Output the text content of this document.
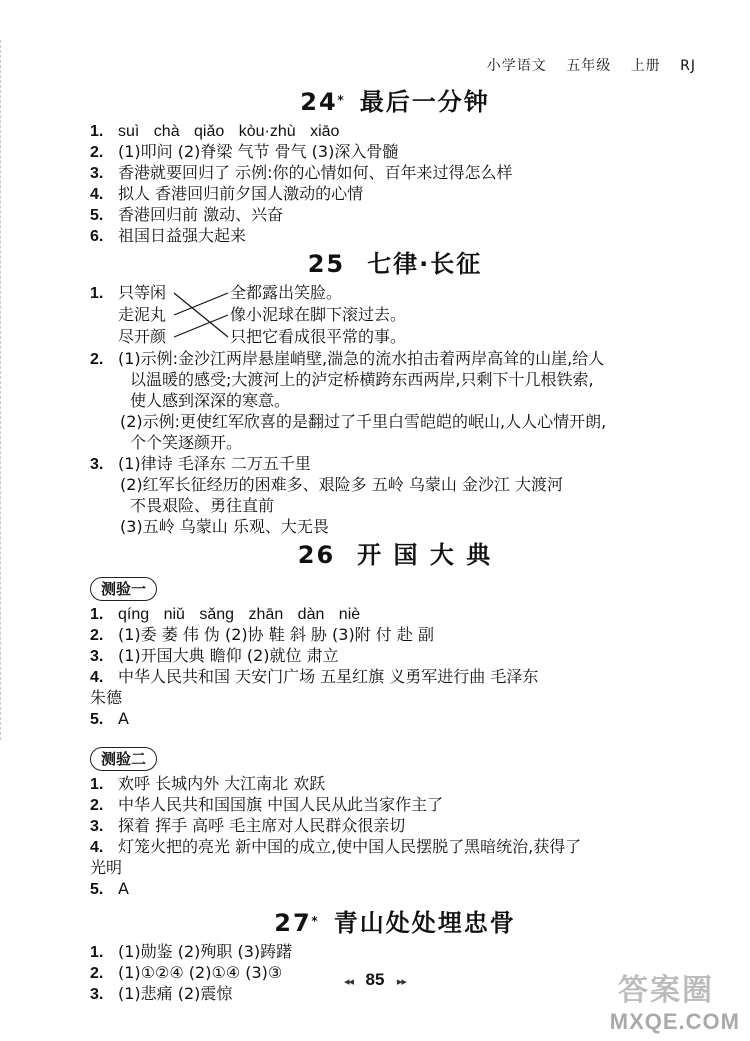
小学语文 五年级 上册 RJ
24 * 最后一分钟
1. suì chà qiǎo kòu·zhù xiāo
2. (1)叩问 (2)脊梁 气节 骨气 (3)深入骨髓
3. 香港就要回归了 示例:你的心情如何、百年来过得怎么样
4. 拟人 香港回归前夕国人激动的心情
5. 香港回归前 激动、兴奋
6. 祖国日益强大起来
25 七律·长征
1. 只等闲
走泥丸
尽开颜
全都露出笑脸。
像小泥球在脚下滚过去。
只把它看成很平常的事。
2. (1)示例:金沙江两岸悬崖峭壁,湍急的流水拍击着两岸高耸的山崖,给人
以温暖的感受;大渡河上的泸定桥横跨东西两岸,只剩下十几根铁索,
使人感到深深的寒意。
(2)示例:更使红军欣喜的是翻过了千里白雪皑皑的岷山,人人心情开朗,
个个笑逐颜开。
3. (1)律诗 毛泽东 二万五千里
(2)红军长征经历的困难多、艰险多 五岭 乌蒙山 金沙江 大渡河
不畏艰险、勇往直前
(3)五岭 乌蒙山 乐观、大无畏
26 开 国 大 典
测验一
1. qíng niǔ sǎng zhān dàn niè
2. (1)委 萎 伟 伪 (2)协 鞋 斜 胁 (3)附 付 赴 副
3. (1)开国大典 瞻仰 (2)就位 肃立
4. 中华人民共和国 天安门广场 五星红旗 义勇军进行曲 毛泽东
朱德
5. A
测验二
1. 欢呼 长城内外 大江南北 欢跃
2. 中华人民共和国国旗 中国人民从此当家作主了
3. 探着 挥手 高呼 毛主席对人民群众很亲切
4. 灯笼火把的亮光 新中国的成立,使中国人民摆脱了黑暗统治,获得了
光明
5. A
27 * 青山处处埋忠骨
1. (1)勋鉴 (2)殉职 (3)踌躇
2. (1)①②④ (2)①④ (3)③
3. (1)悲痛 (2)震惊
◂◂ 85 ▸▸	答案圈
MXQE.COM
